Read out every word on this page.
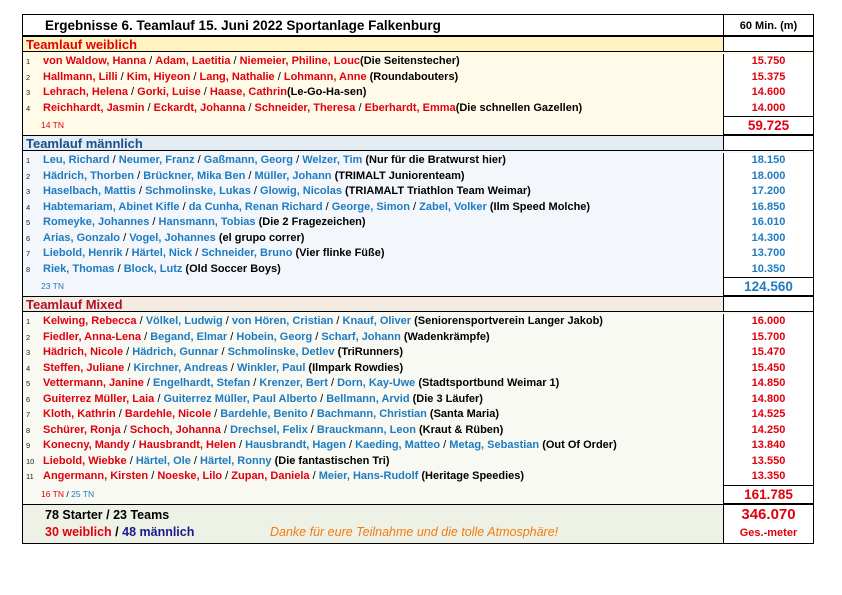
Ergebnisse 6. Teamlauf 15. Juni 2022 Sportanlage Falkenburg	60 Min. (m)
Teamlauf weiblich
1 von Waldow, Hanna / Adam, Laetitia / Niemeier, Philine, Louc(Die Seitenstecher)	15.750
2 Hallmann, Lilli / Kim, Hiyeon / Lang, Nathalie / Lohmann, Anne (Roundabouters)	15.375
3 Lehrach, Helena / Gorki, Luise / Haase, Cathrin(Le-Go-Ha-sen)	14.600
4 Reichhardt, Jasmin / Eckardt, Johanna / Schneider, Theresa / Eberhardt, Emma(Die schnellen Gazellen)	14.000
14 TN	59.725
Teamlauf männlich
1 Leu, Richard / Neumer, Franz / Gaßmann, Georg / Welzer, Tim (Nur für die Bratwurst hier)	18.150
2 Hädrich, Thorben / Brückner, Mika Ben / Müller, Johann (TRIMALT Juniorenteam)	18.000
3 Haselbach, Mattis / Schmolinske, Lukas / Glowig, Nicolas (TRIAMALT Triathlon Team Weimar)	17.200
4 Habtemariam, Abinet Kifle / da Cunha, Renan Richard / George, Simon / Zabel, Volker (Ilm Speed Molche)	16.850
5 Romeyke, Johannes / Hansmann, Tobias (Die 2 Fragezeichen)	16.010
6 Arias, Gonzalo / Vogel, Johannes (el grupo correr)	14.300
7 Liebold, Henrik / Härtel, Nick / Schneider, Bruno (Vier flinke Füße)	13.700
8 Riek, Thomas / Block, Lutz (Old Soccer Boys)	10.350
23 TN	124.560
Teamlauf Mixed
1 Kelwing, Rebecca / Völkel, Ludwig / von Hören, Cristian / Knauf, Oliver (Seniorensportverein Langer Jakob)	16.000
2 Fiedler, Anna-Lena / Begand, Elmar / Hobein, Georg / Scharf, Johann (Wadenkrämpfe)	15.700
3 Hädrich, Nicole / Hädrich, Gunnar / Schmolinske, Detlev (TriRunners)	15.470
4 Steffen, Juliane / Kirchner, Andreas / Winkler, Paul (Ilmpark Rowdies)	15.450
5 Vettermann, Janine / Engelhardt, Stefan / Krenzer, Bert / Dorn, Kay-Uwe (Stadtsportbund Weimar 1)	14.850
6 Guiterrez Müller, Laia / Guiterrez Müller, Paul Alberto / Bellmann, Arvid (Die 3 Läufer)	14.800
7 Kloth, Kathrin / Bardehle, Nicole / Bardehle, Benito / Bachmann, Christian (Santa Maria)	14.525
8 Schürer, Ronja / Schoch, Johanna / Drechsel, Felix / Brauckmann, Leon (Kraut & Rüben)	14.250
9 Konecny, Mandy / Hausbrandt, Helen / Hausbrandt, Hagen / Kaeding, Matteo / Metag, Sebastian (Out Of Order)	13.840
10 Liebold, Wiebke / Härtel, Ole / Härtel, Ronny (Die fantastischen Tri)	13.550
11 Angermann, Kirsten / Noeske, Lilo / Zupan, Daniela / Meier, Hans-Rudolf (Heritage Speedies)	13.350
16 TN / 25 TN	161.785
78 Starter / 23 Teams
30 weiblich / 48 männlich	Danke für eure Teilnahme und die tolle Atmosphäre!
346.070
Ges.-meter
